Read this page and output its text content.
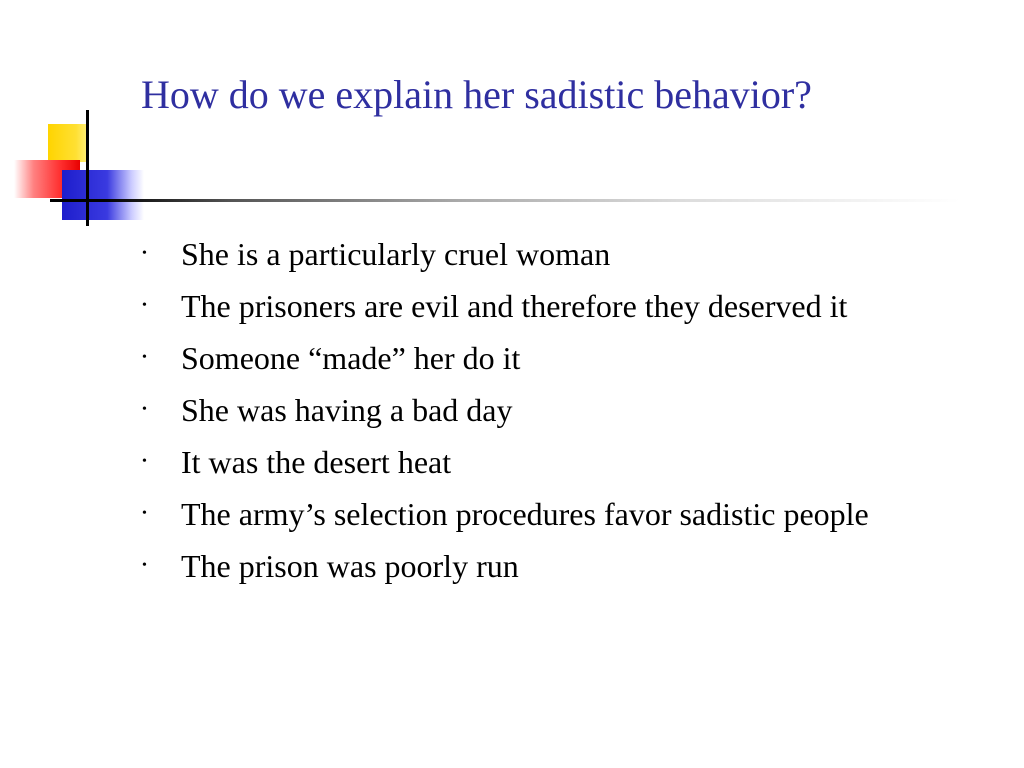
How do we explain her sadistic behavior?
• She is a particularly cruel woman
• The prisoners are evil and therefore they deserved it
• Someone “made” her do it
• She was having a bad day
• It was the desert heat
• The army’s selection procedures favor sadistic people
• The prison was poorly run
